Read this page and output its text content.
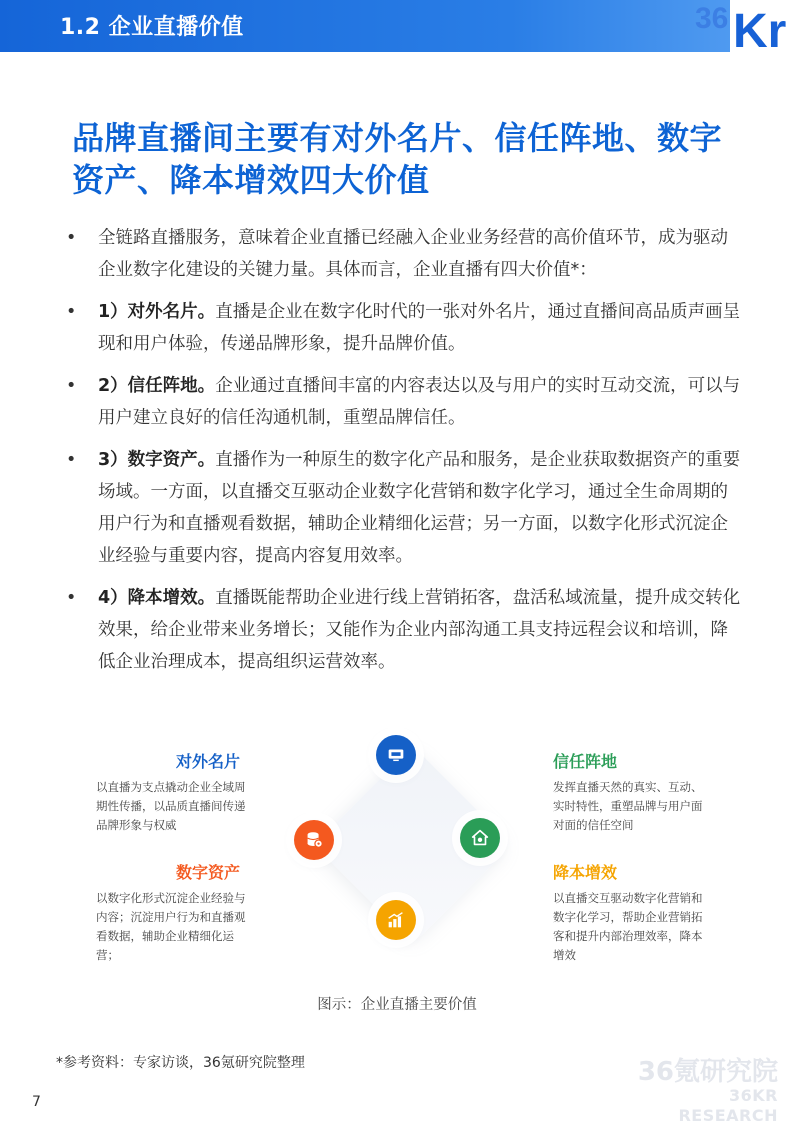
1.2 企业直播价值	36 Kr
品牌直播间主要有对外名片、信任阵地、数字资产、降本增效四大价值
• 全链路直播服务，意味着企业直播已经融入企业业务经营的高价值环节，成为驱动企业数字化建设的关键力量。具体而言，企业直播有四大价值*：
• 1）对外名片。直播是企业在数字化时代的一张对外名片，通过直播间高品质声画呈现和用户体验，传递品牌形象，提升品牌价值。
• 2）信任阵地。企业通过直播间丰富的内容表达以及与用户的实时互动交流，可以与用户建立良好的信任沟通机制，重塑品牌信任。
• 3）数字资产。直播作为一种原生的数字化产品和服务，是企业获取数据资产的重要场域。一方面，以直播交互驱动企业数字化营销和数字化学习，通过全生命周期的用户行为和直播观看数据，辅助企业精细化运营；另一方面，以数字化形式沉淀企业经验与重要内容，提高内容复用效率。
• 4）降本增效。直播既能帮助企业进行线上营销拓客，盘活私域流量，提升成交转化效果，给企业带来业务增长；又能作为企业内部沟通工具支持远程会议和培训，降低企业治理成本，提高组织运营效率。
对外名片
以直播为支点撬动企业全域周期性传播，以品质直播间传递品牌形象与权威
数字资产
以数字化形式沉淀企业经验与内容；沉淀用户行为和直播观看数据，辅助企业精细化运营；
信任阵地
发挥直播天然的真实、互动、实时特性，重塑品牌与用户面对面的信任空间
降本增效
以直播交互驱动数字化营销和数字化学习，帮助企业营销拓客和提升内部治理效率，降本增效
图示：企业直播主要价值
*参考资料：专家访谈，36氪研究院整理	36氪研究院
36KR RESEARCH
7
